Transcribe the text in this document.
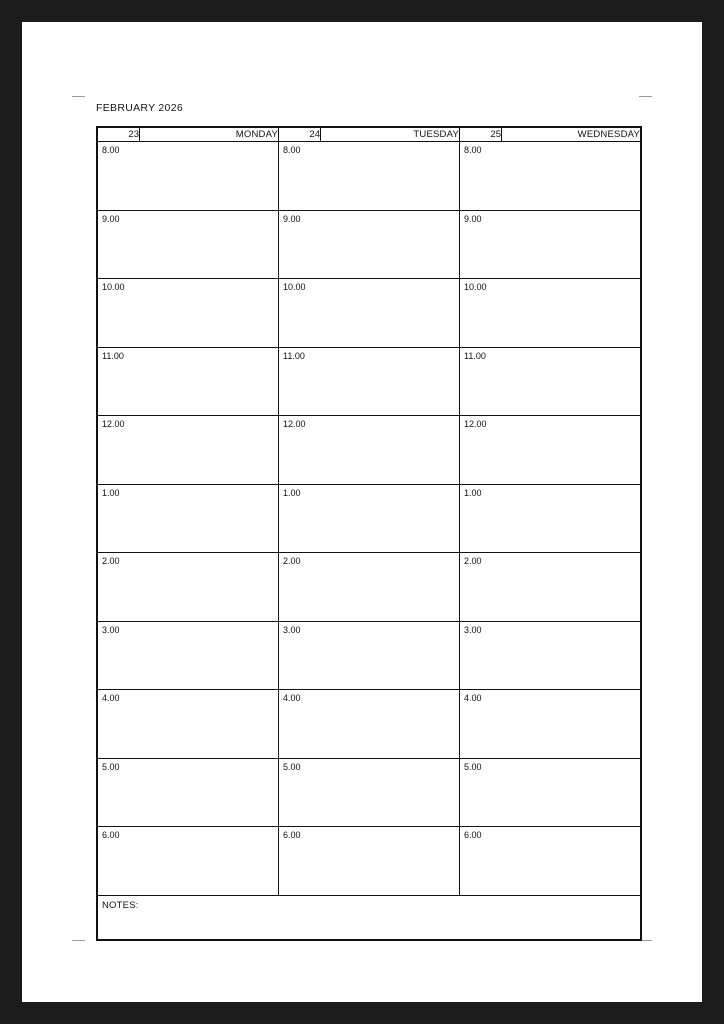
FEBRUARY 2026
23	MONDAY	24	TUESDAY	25	WEDNESDAY

8.00		8.00		8.00	

9.00		9.00		9.00	

10.00		10.00		10.00	

11.00		11.00		11.00	

12.00		12.00		12.00	

1.00		1.00		1.00	

2.00		2.00		2.00	

3.00		3.00		3.00	

4.00		4.00		4.00	

5.00		5.00		5.00	

6.00		6.00		6.00	

NOTES:					
